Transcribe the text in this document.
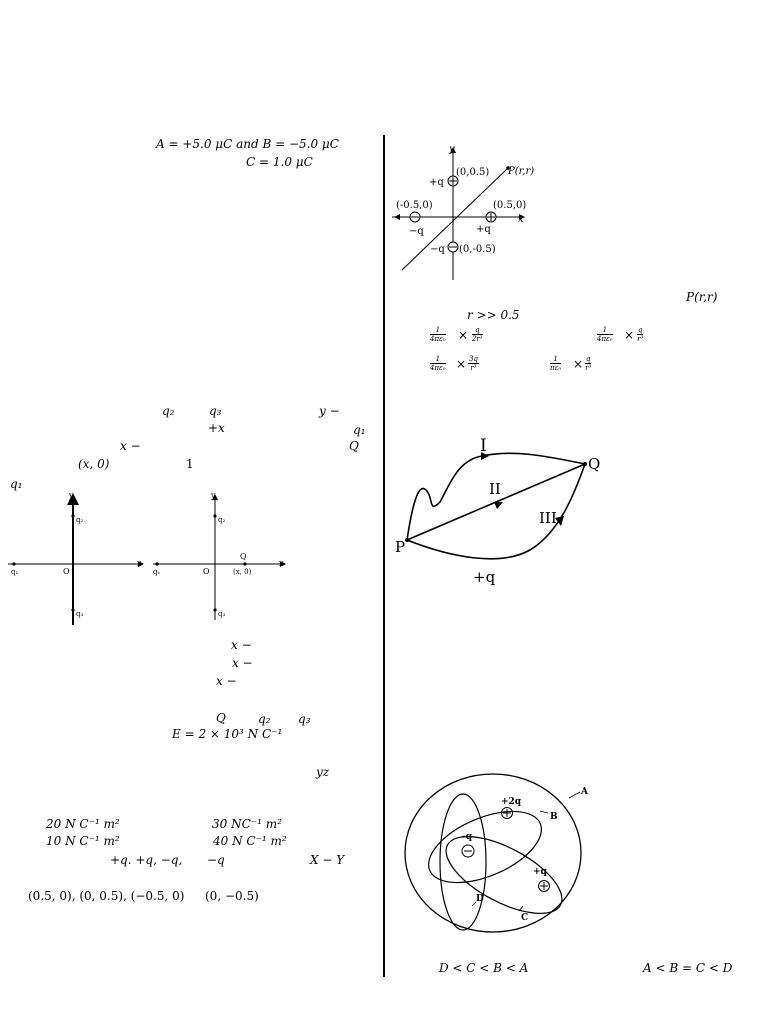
A = +5.0 μC and B = −5.0 μC
C = 1.0 μC
q₂	q₃	y −
+x	q₁
x −	Q
(x, 0)	1
q₁
y
x
O
q₁
q₂
q₃
y
x
O
q₁
q₂
q₃
Q
(x, 0)
x −
x −
x −
Q	q₂ q₃
E = 2 × 10³ N C⁻¹
yz
20 N C⁻¹ m²	30 NC⁻¹ m²
10 N C⁻¹ m²	40 N C⁻¹ m²
+q. +q, −q, −q	X − Y
(0.5, 0), (0, 0.5), (−0.5, 0) (0, −0.5)
y
x
+q
(0,0.5) P(r,r)
(-0.5,0)
−q
(0.5,0)
+q
−q (0,-0.5)
P(r,r)
r >> 0.5
$\frac{1}{\text{4πε₀}} \times \frac{q}{\text{2r³}}$	$\frac{1}{\text{4πε₀}} \times \frac{q}{\text{r³}}$
$\frac{1}{\text{4πε₀}} \times \frac{3q}{\text{r³}}$	$\frac{1}{\text{πε₀}} \times \frac{q}{\text{r³}}$
I
II
III
P
Q
+q
A
B
C
D
+2q
-q
+q
D < C < B < A	A < B = C < D
